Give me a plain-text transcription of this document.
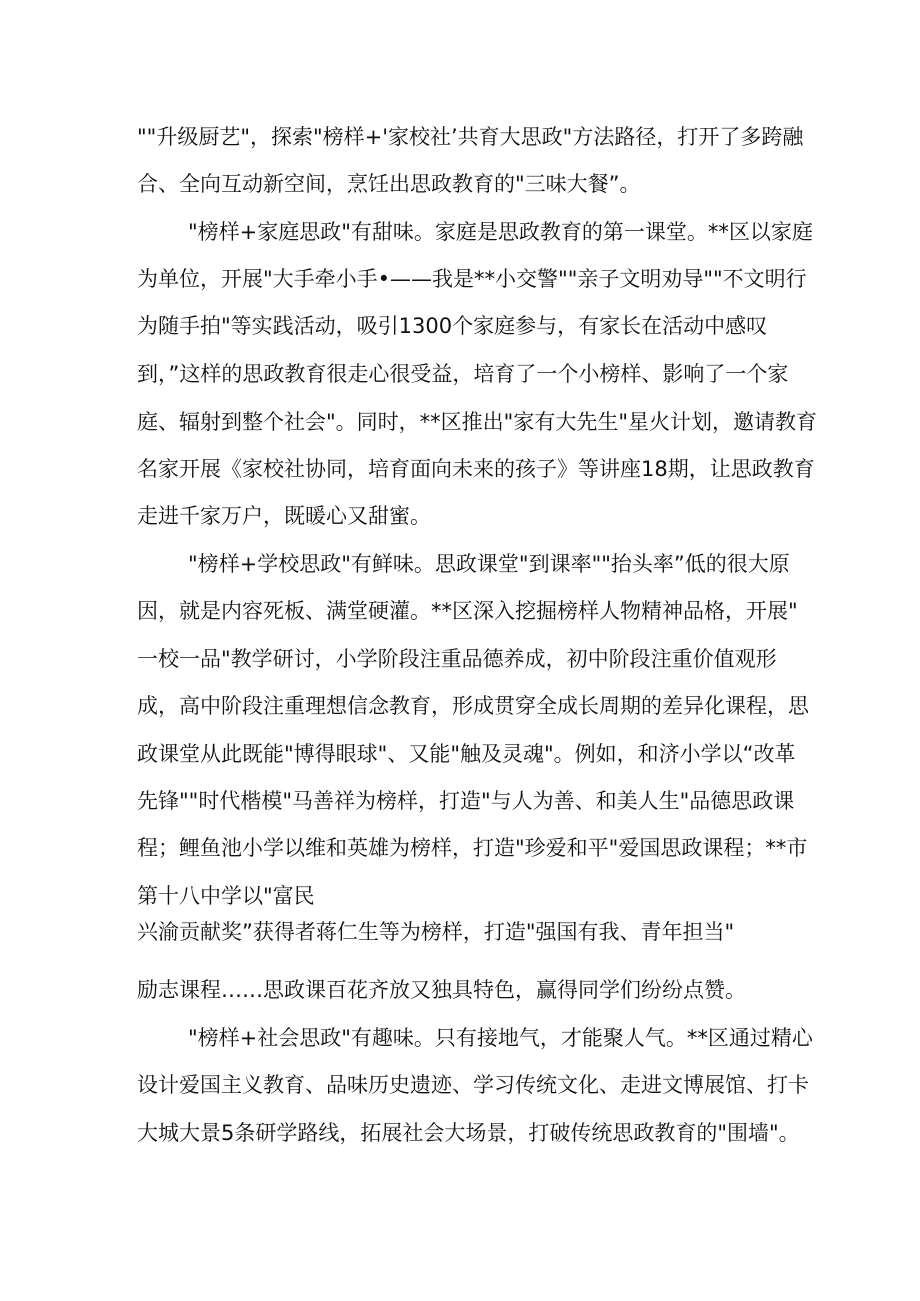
""升级厨艺"，探索"榜样+'家校社’共育大思政"方法路径，打开了多跨融
合、全向互动新空间，烹饪出思政教育的"三味大餐”。
"榜样+家庭思政"有甜味。家庭是思政教育的第一课堂。**区以家庭
为单位，开展"大手牵小手•——我是**小交警""亲子文明劝导""不文明行
为随手拍"等实践活动，吸引1300个家庭参与，有家长在活动中感叹
到，”这样的思政教育很走心很受益，培育了一个小榜样、影响了一个家
庭、辐射到整个社会"。同时，**区推出"家有大先生"星火计划，邀请教育
名家开展《家校社协同，培育面向未来的孩子》等讲座18期，让思政教育
走进千家万户，既暖心又甜蜜。
"榜样+学校思政"有鲜味。思政课堂"到课率""抬头率”低的很大原
因，就是内容死板、满堂硬灌。**区深入挖掘榜样人物精神品格，开展"
一校一品"教学研讨，小学阶段注重品德养成，初中阶段注重价值观形
成，高中阶段注重理想信念教育，形成贯穿全成长周期的差异化课程，思
政课堂从此既能"博得眼球"、又能"触及灵魂"。例如，和济小学以“改革
先锋""时代楷模"马善祥为榜样，打造"与人为善、和美人生"品德思政课
程；鲤鱼池小学以维和英雄为榜样，打造"珍爱和平"爱国思政课程；**市
第十八中学以"富民
兴渝贡献奖”获得者蒋仁生等为榜样，打造"强国有我、青年担当"
励志课程……思政课百花齐放又独具特色，赢得同学们纷纷点赞。
"榜样+社会思政"有趣味。只有接地气，才能聚人气。**区通过精心
设计爱国主义教育、品味历史遗迹、学习传统文化、走进文博展馆、打卡
大城大景5条研学路线，拓展社会大场景，打破传统思政教育的"围墙"。
